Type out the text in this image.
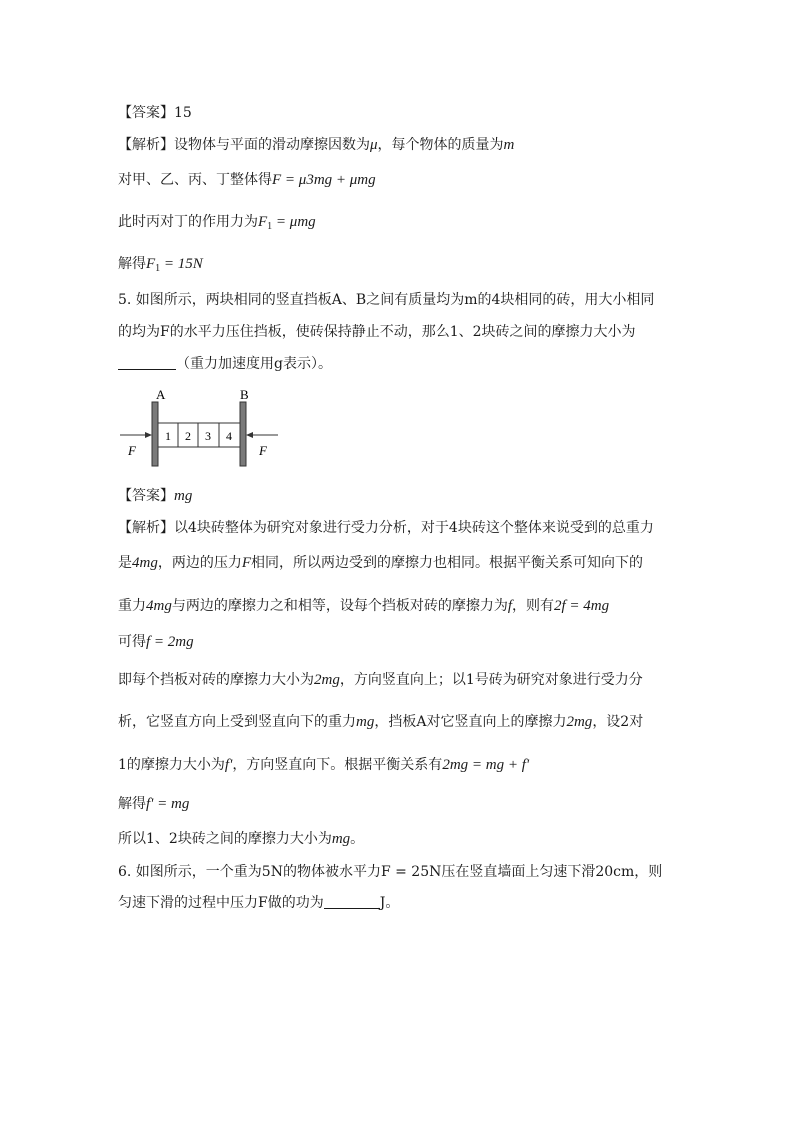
【答案】15
【解析】设物体与平面的滑动摩擦因数为μ，每个物体的质量为m
对甲、乙、丙、丁整体得F = μ3mg + μmg
此时丙对丁的作用力为$F_1 = \mu mg$
解得$F_1 = 15N$
5. 如图所示，两块相同的竖直挡板A、B之间有质量均为m的4块相同的砖，用大小相同
的均为F的水平力压住挡板，使砖保持静止不动，那么1、2块砖之间的摩擦力大小为
（重力加速度用g表示）。
A	B
1 2 3 4
F	F
【答案】mg
【解析】以4块砖整体为研究对象进行受力分析，对于4块砖这个整体来说受到的总重力
是4mg，两边的压力F相同，所以两边受到的摩擦力也相同。根据平衡关系可知向下的
重力4mg与两边的摩擦力之和相等，设每个挡板对砖的摩擦力为f，则有2f = 4mg
可得f = 2mg
即每个挡板对砖的摩擦力大小为2mg，方向竖直向上；以1号砖为研究对象进行受力分
析，它竖直方向上受到竖直向下的重力mg，挡板A对它竖直向上的摩擦力2mg，设2对
1的摩擦力大小为f'，方向竖直向下。根据平衡关系有2mg = mg + f'
解得f' = mg
所以1、2块砖之间的摩擦力大小为mg。
6. 如图所示，一个重为5N的物体被水平力F = 25N压在竖直墙面上匀速下滑20cm，则
匀速下滑的过程中压力F做的功为	J。
